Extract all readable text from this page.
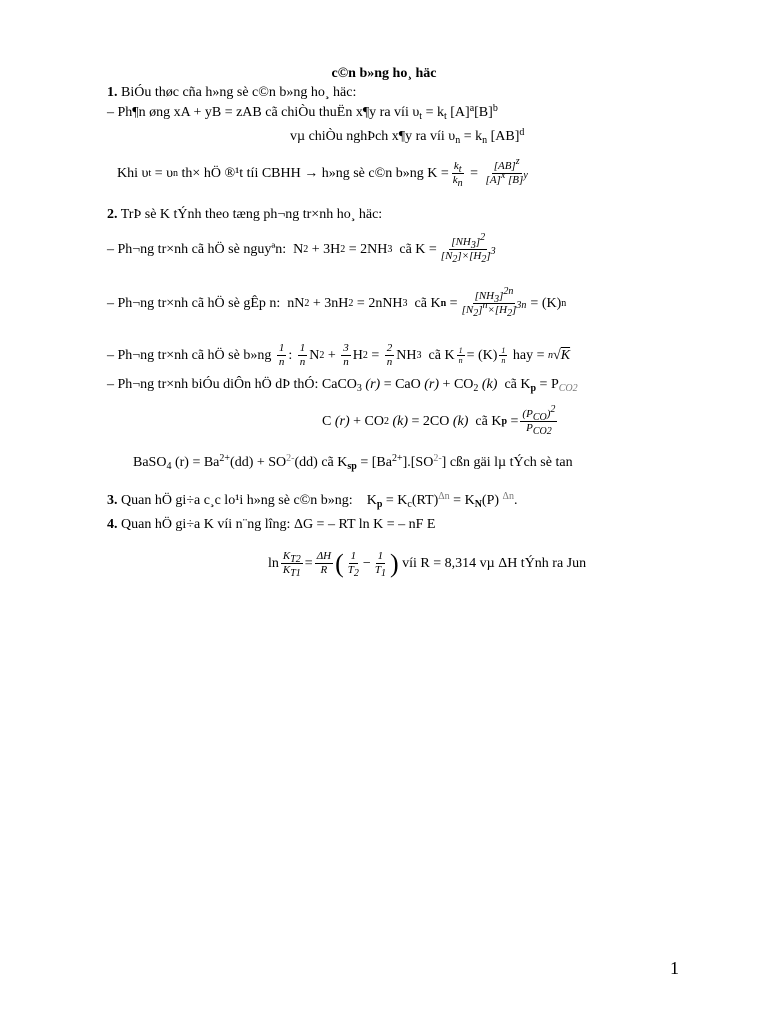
c©n b»ng ho¸ häc
1. BiÓu thøc cña h»ng sè c©n b»ng ho¸ häc:
– Ph¶n øng xA + yB = zAB cã chiÒu thuËn x¶y ra víi $\upsilon_t = k_t$ $[A]^a[B]^b$
vµ chiÒu nghÞch x¶y ra víi $\upsilon_n = k_n$ [AB]$^d$
Khi υ t
= υ n
th× hÖ ®¹t tíi CBHH → h»ng sè c©n b»ng $K = \frac{k_t}{k_n} = \frac{[AB]^z}{[A]^x [B]^y}$
2. TrÞ sè K tÝnh theo tæng ph¬ng tr×nh ho¸ häc:
– Ph¬ng tr×nh cã hÖ sè nguyªn:
N 2
+ 3H 2
= 2NH 3
cã $K = \frac{[NH_3]^2}{[N_2]\times[H_2]^3}$
– Ph¬ng tr×nh cã hÖ sè gÊp n:
nN 2
+ 3nH 2
= 2nNH 3
cã K n
= $\frac{[NH_3]^{2n}}{[N_2]^n\times[H_2]^{3n}} = (K)$ n
– Ph¬ng tr×nh cã hÖ sè b»ng
$\frac{1}{n}$ :
$\frac{1}{n}$ N 2
+
$\frac{3}{n}$ H 2
=
$\frac{2}{n}$ NH 3
cã K $\frac{1}{n} = (K) \frac{1}{n}$
hay =
n √ K
– Ph¬ng tr×nh biÓu diÔn hÖ dÞ thÓ: CaCO$_3$ (r) = CaO $(r) + CO_2$ (k) cã $K_p = P_{CO2}$
C
(r)
+ CO 2
(k)
= 2CO
(k)
cã K p
= $\frac{(P_{CO})^2}{P_{CO2}}$
BaSO$_4$ $(r) = Ba^{2+}(dd) + SO^{2-}(dd)$ cã $K_{sp} = [Ba^{2+}].[SO^{2-}]$ cßn gäi lµ tÝch sè tan
3. Quan hÖ gi÷a c¸c lo¹i h»ng sè c©n b»ng: $K_p = K_c(RT)^{\Delta n} = K_N(P)$ $^{\Delta n}$.
4. Quan hÖ gi÷a K víi n¨ng lîng: ΔG = – RT ln K = – nF E
$\ln \frac{K_{T2}}{K_{T1}} = \frac{\Delta H}{R}$ ( $\frac{1}{T_2} - \frac{1}{T_1}$ )
víi R = 8,314 vµ ΔH tÝnh ra Jun
1
